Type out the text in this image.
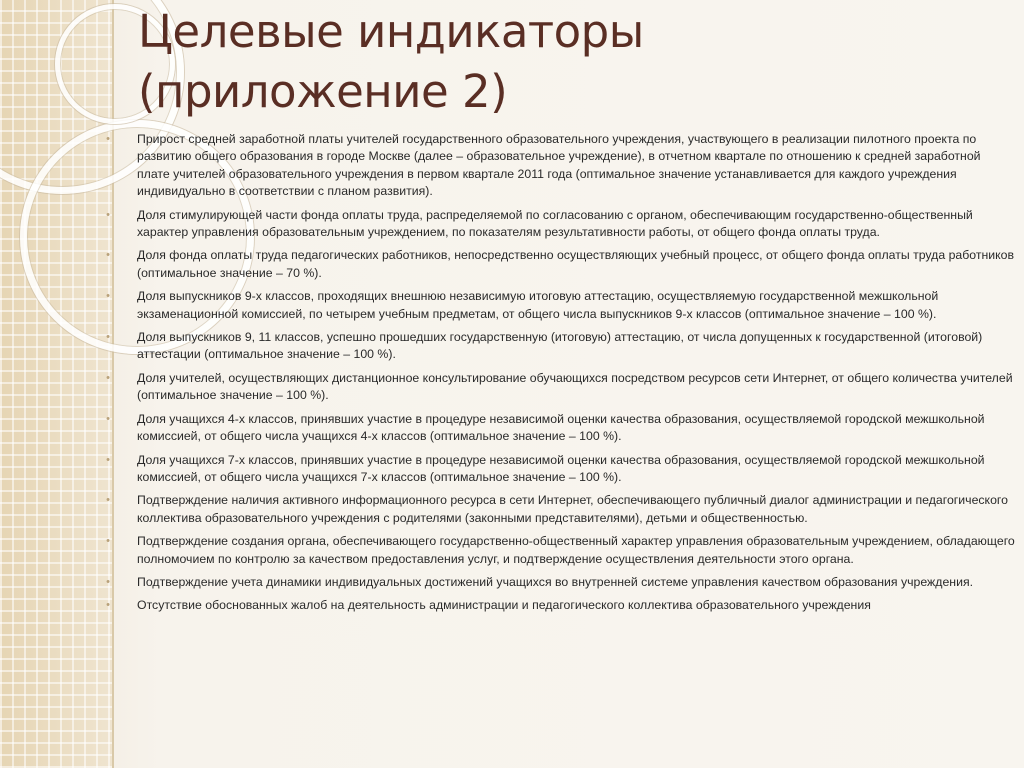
Целевые индикаторы
(приложение 2)
• Прирост средней заработной платы учителей государственного образовательного учреждения, участвующего в реализации пилотного проекта по развитию общего образования в городе Москве (далее – образовательное учреждение), в отчетном квартале по отношению к средней заработной плате учителей образовательного учреждения в первом квартале 2011 года (оптимальное значение устанавливается для каждого учреждения индивидуально в соответствии с планом развития).
• Доля стимулирующей части фонда оплаты труда, распределяемой по согласованию с органом, обеспечивающим государственно-общественный характер управления образовательным учреждением, по показателям результативности работы, от общего фонда оплаты труда.
• Доля фонда оплаты труда педагогических работников, непосредственно осуществляющих учебный процесс, от общего фонда оплаты труда работников (оптимальное значение – 70 %).
• Доля выпускников 9-х классов, проходящих внешнюю независимую итоговую аттестацию, осуществляемую государственной межшкольной экзаменационной комиссией, по четырем учебным предметам, от общего числа выпускников 9-х классов (оптимальное значение – 100 %).
• Доля выпускников 9, 11 классов, успешно прошедших государственную (итоговую) аттестацию, от числа допущенных к государственной (итоговой) аттестации (оптимальное значение – 100 %).
• Доля учителей, осуществляющих дистанционное консультирование обучающихся посредством ресурсов сети Интернет, от общего количества учителей (оптимальное значение – 100 %).
• Доля учащихся 4-х классов, принявших участие в процедуре независимой оценки качества образования, осуществляемой городской межшкольной комиссией, от общего числа учащихся 4-х классов (оптимальное значение – 100 %).
• Доля учащихся 7-х классов, принявших участие в процедуре независимой оценки качества образования, осуществляемой городской межшкольной комиссией, от общего числа учащихся 7-х классов (оптимальное значение – 100 %).
• Подтверждение наличия активного информационного ресурса в сети Интернет, обеспечивающего публичный диалог администрации и педагогического коллектива образовательного учреждения с родителями (законными представителями), детьми и общественностью.
• Подтверждение создания органа, обеспечивающего государственно-общественный характер управления образовательным учреждением, обладающего полномочием по контролю за качеством предоставления услуг, и подтверждение осуществления деятельности этого органа.
• Подтверждение учета динамики индивидуальных достижений учащихся во внутренней системе управления качеством образования учреждения.
• Отсутствие обоснованных жалоб на деятельность администрации и педагогического коллектива образовательного учреждения
